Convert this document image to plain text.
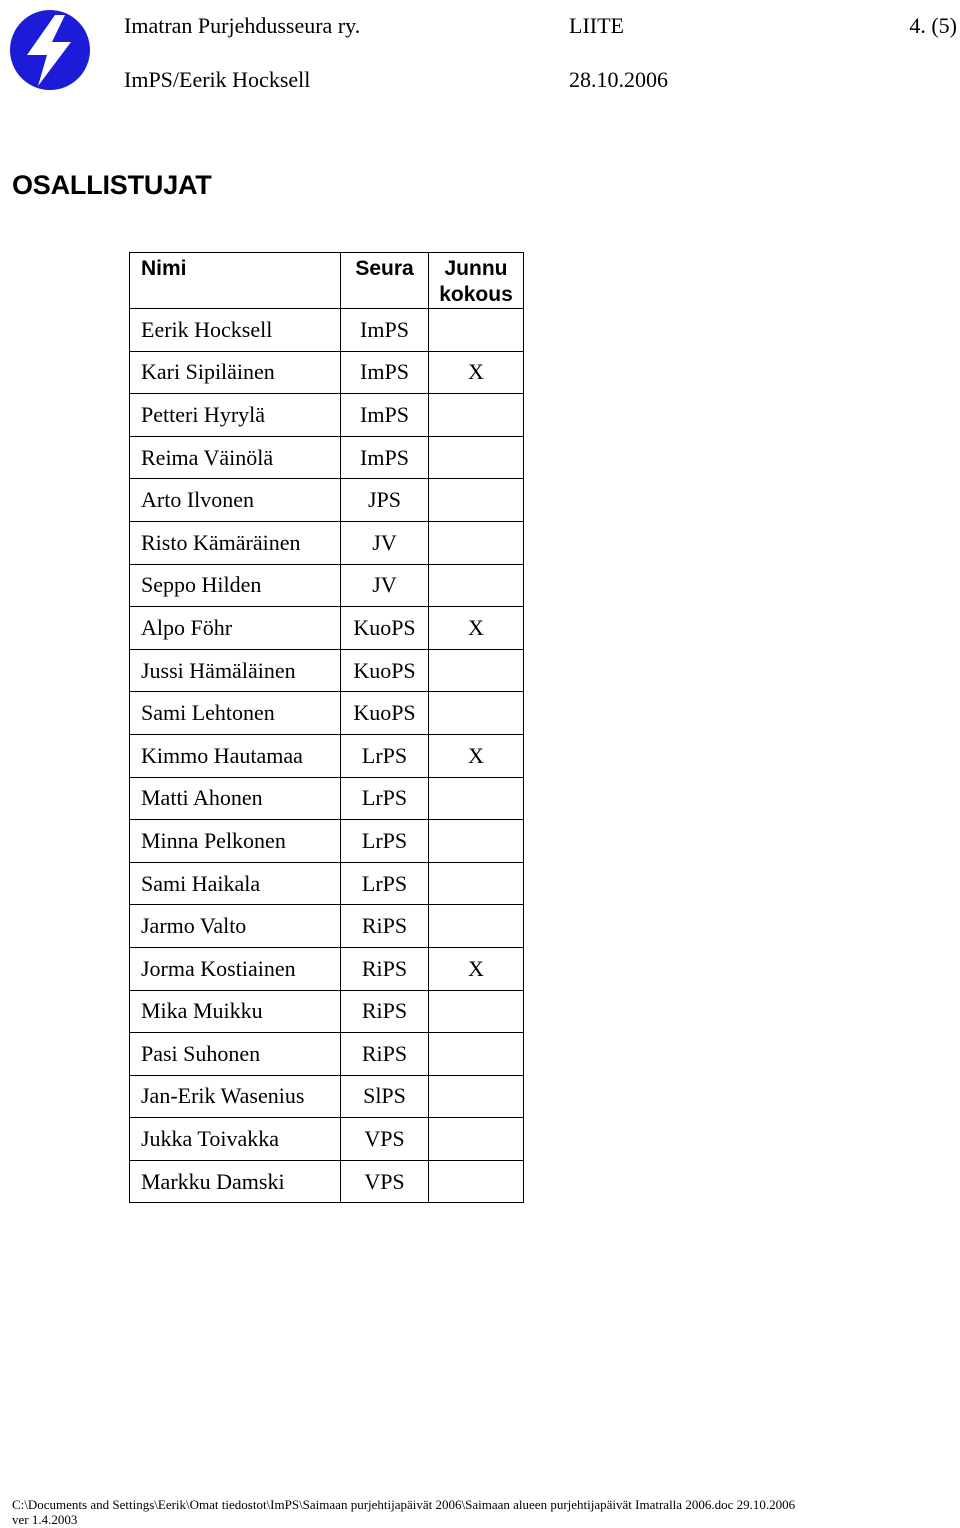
Imatran Purjehdusseura ry.	LIITE	4. (5)
ImPS/Eerik Hocksell	28.10.2006
OSALLISTUJAT
Nimi	Seura	Junnu
kokous

Eerik Hocksell	ImPS	
Kari Sipiläinen	ImPS	X
Petteri Hyrylä	ImPS	
Reima Väinölä	ImPS	
Arto Ilvonen	JPS	
Risto Kämäräinen	JV	
Seppo Hilden	JV	
Alpo Föhr	KuoPS	X
Jussi Hämäläinen	KuoPS	
Sami Lehtonen	KuoPS	
Kimmo Hautamaa	LrPS	X
Matti Ahonen	LrPS	
Minna Pelkonen	LrPS	
Sami Haikala	LrPS	
Jarmo Valto	RiPS	
Jorma Kostiainen	RiPS	X
Mika Muikku	RiPS	
Pasi Suhonen	RiPS	
Jan-Erik Wasenius	SlPS	
Jukka Toivakka	VPS	
Markku Damski	VPS	
C:\Documents and Settings\Eerik\Omat tiedostot\ImPS\Saimaan purjehtijapäivät 2006\Saimaan alueen purjehtijapäivät Imatralla 2006.doc 29.10.2006
ver 1.4.2003
